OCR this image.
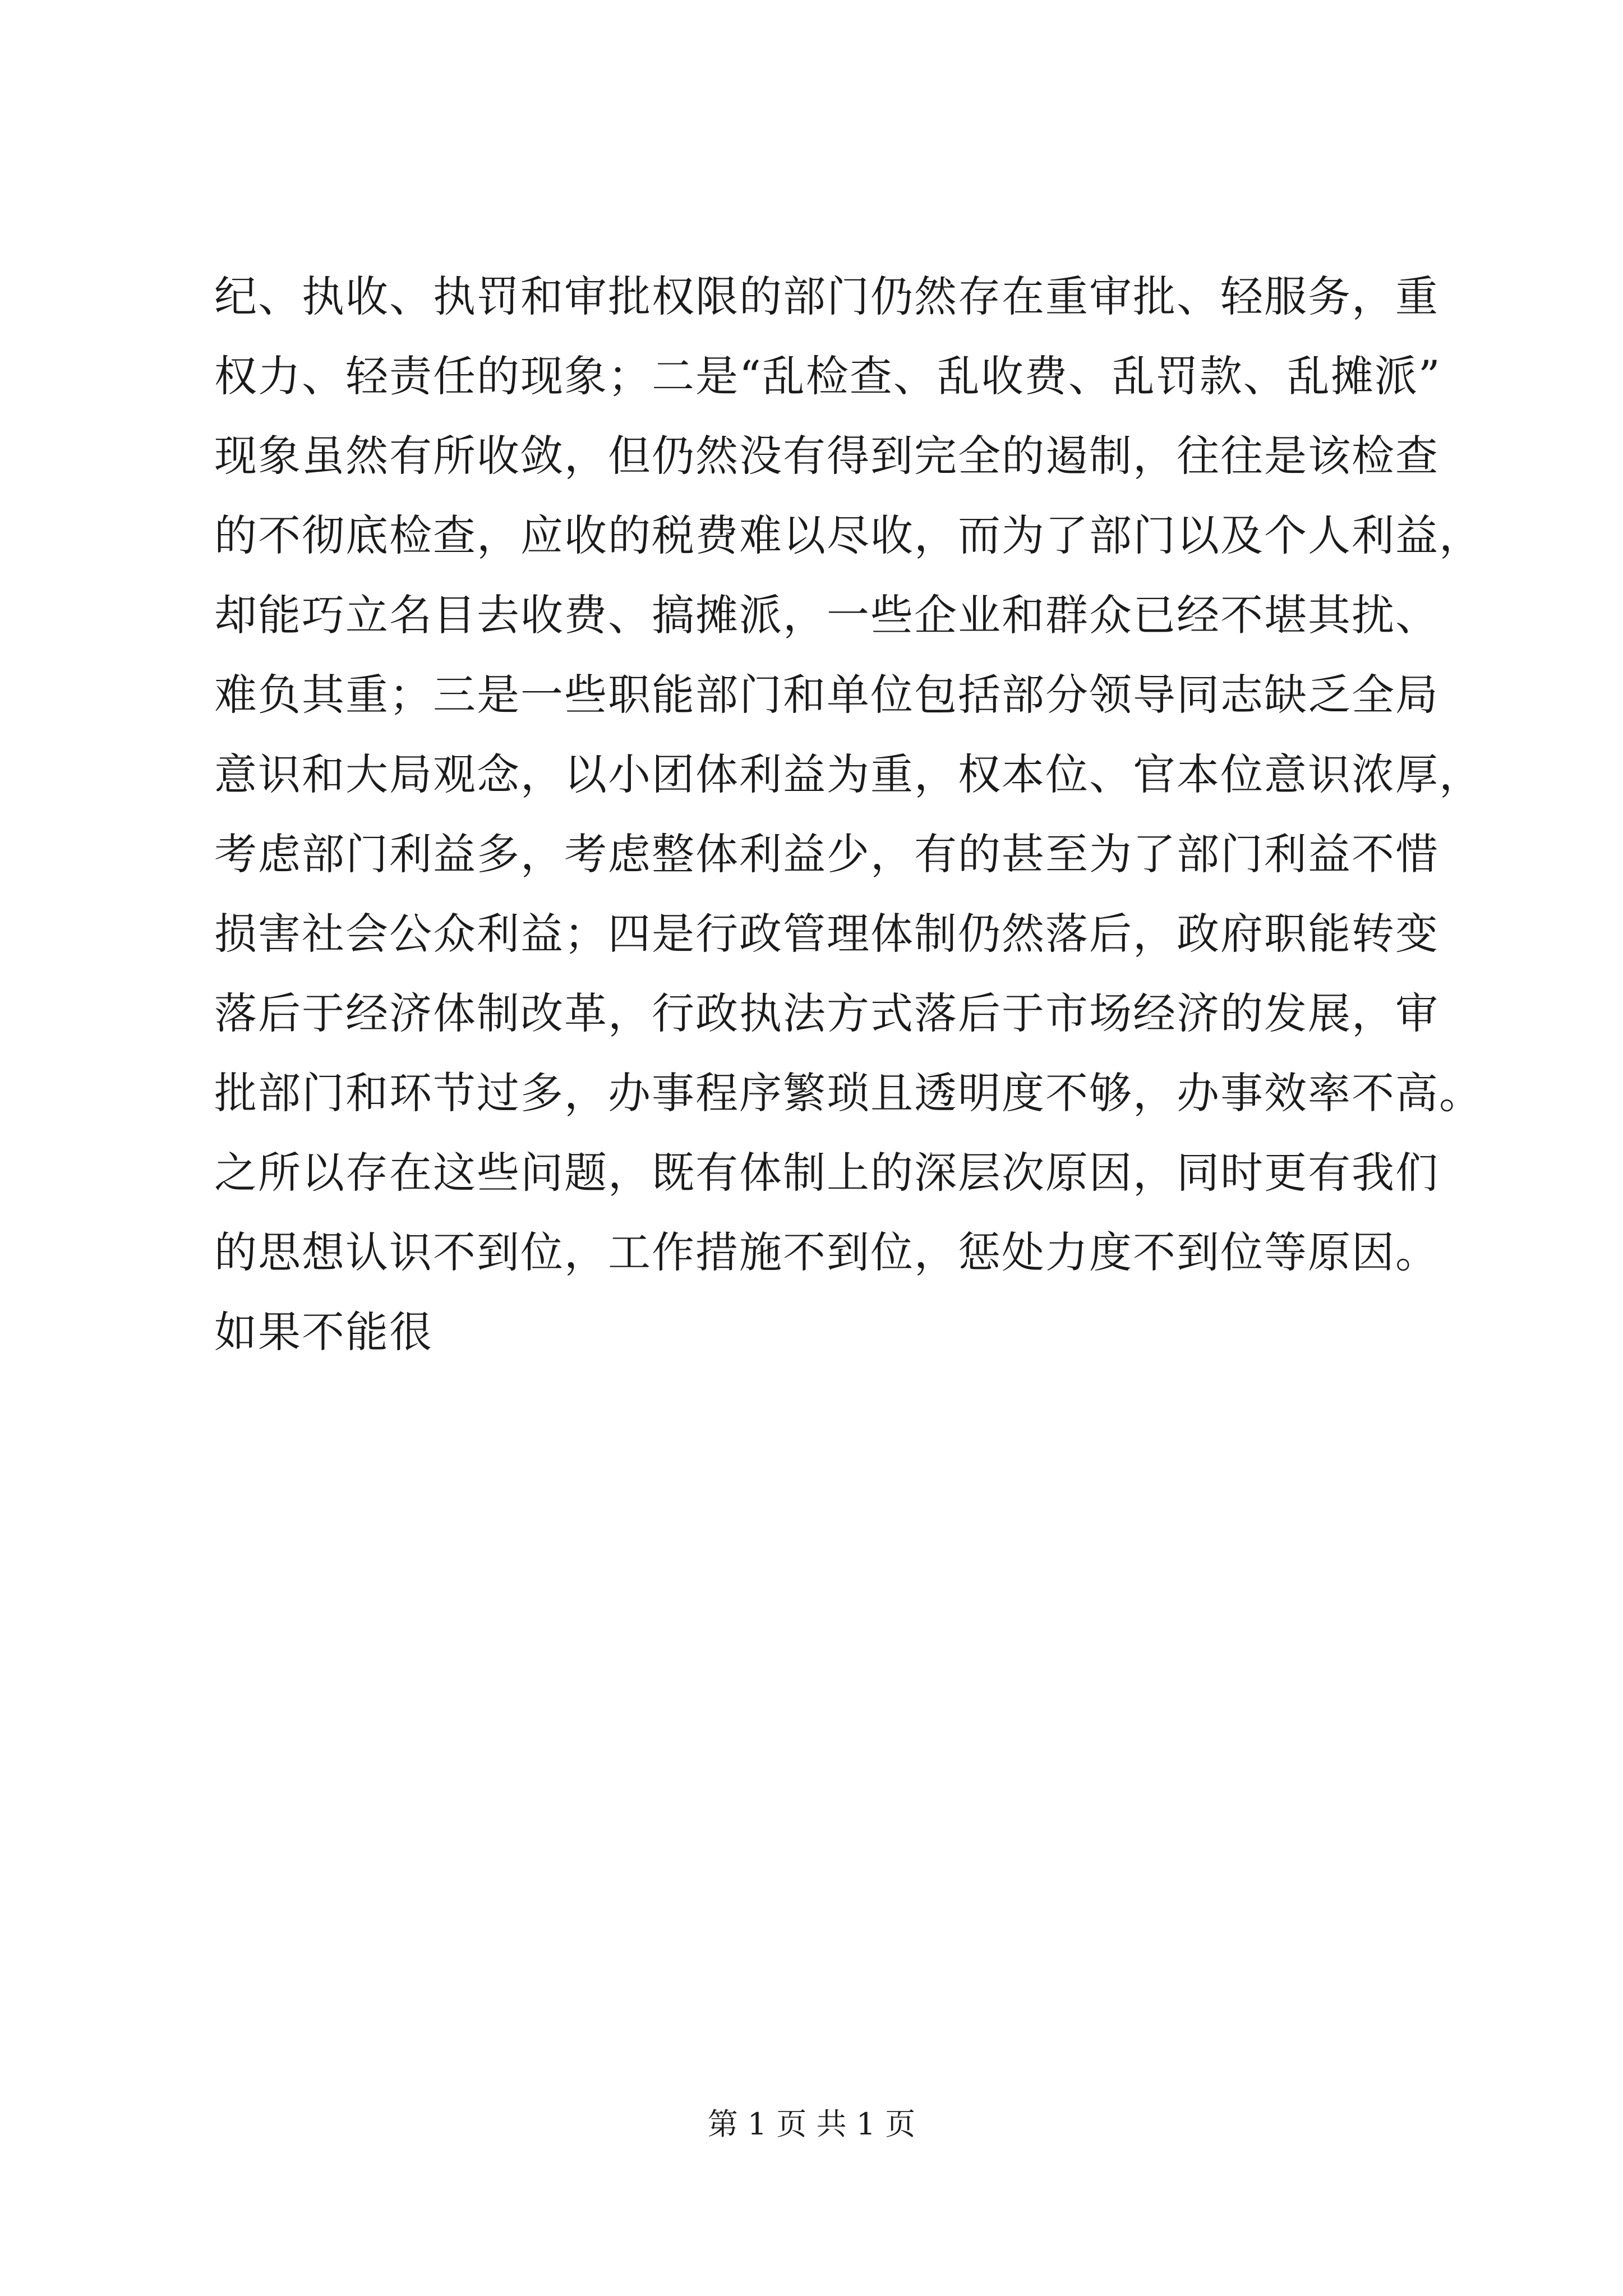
纪、执收、执罚和审批权限的部门仍然存在重审批、轻服务，重
权力、轻责任的现象；二是“乱检查、乱收费、乱罚款、乱摊派”
现象虽然有所收敛，但仍然没有得到完全的遏制，往往是该检查
的不彻底检查，应收的税费难以尽收，而为了部门以及个人利益，
却能巧立名目去收费、搞摊派，一些企业和群众已经不堪其扰、
难负其重；三是一些职能部门和单位包括部分领导同志缺乏全局
意识和大局观念，以小团体利益为重，权本位、官本位意识浓厚，
考虑部门利益多，考虑整体利益少，有的甚至为了部门利益不惜
损害社会公众利益；四是行政管理体制仍然落后，政府职能转变
落后于经济体制改革，行政执法方式落后于市场经济的发展，审
批部门和环节过多，办事程序繁琐且透明度不够，办事效率不高。
之所以存在这些问题，既有体制上的深层次原因，同时更有我们
的思想认识不到位，工作措施不到位，惩处力度不到位等原因。
如果不能很
第 1 页 共 1 页
